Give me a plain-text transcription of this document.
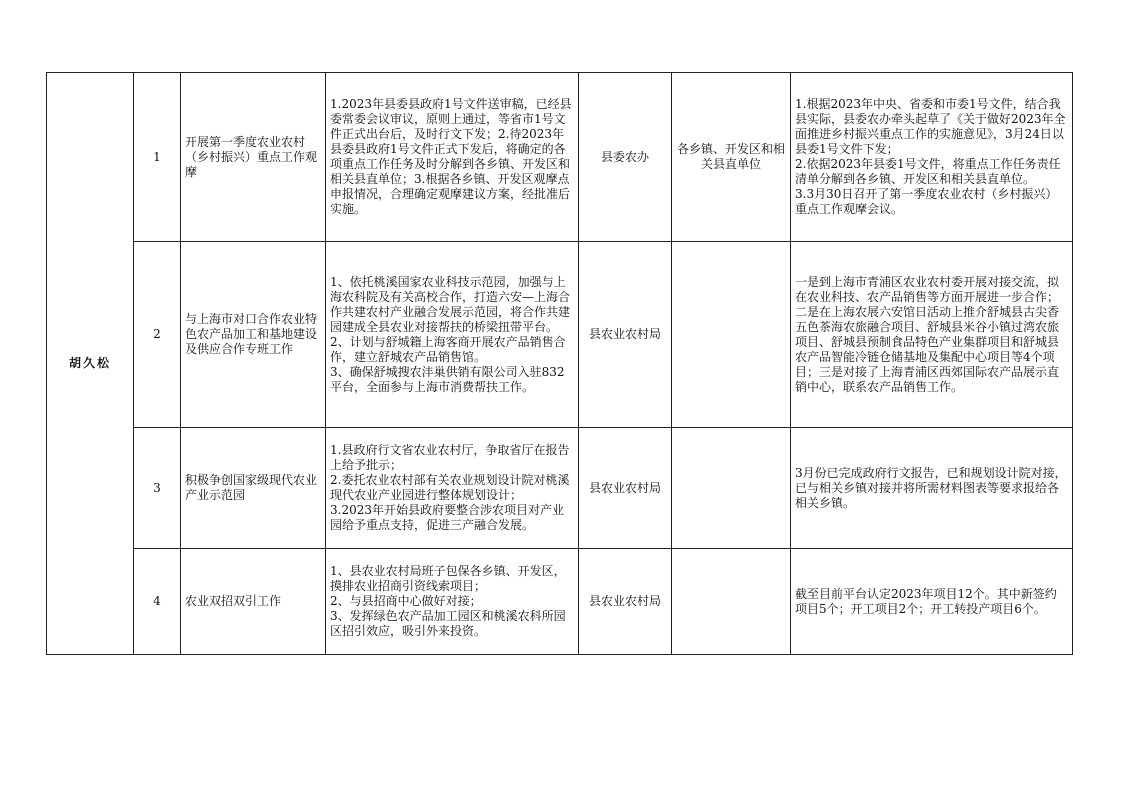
胡久松	1	开展第一季度农业农村（乡村振兴）重点工作观摩	1.2023年县委县政府1号文件送审稿，已经县委常委会议审议，原则上通过，等省市1号文件正式出台后，及时行文下发；2.待2023年县委县政府1号文件正式下发后，将确定的各项重点工作任务及时分解到各乡镇、开发区和相关县直单位；3.根据各乡镇、开发区观摩点申报情况，合理确定观摩建议方案，经批准后实施。	县委农办	各乡镇、开发区和相关县直单位	1.根据2023年中央、省委和市委1号文件，结合我县实际，县委农办牵头起草了《关于做好2023年全面推进乡村振兴重点工作的实施意见》，3月24日以县委1号文件下发；
2.依据2023年县委1号文件，将重点工作任务责任清单分解到各乡镇、开发区和相关县直单位。
3.3月30日召开了第一季度农业农村（乡村振兴）重点工作观摩会议。

	2	与上海市对口合作农业特色农产品加工和基地建设及供应合作专班工作	1、依托桃溪国家农业科技示范园，加强与上海农科院及有关高校合作，打造六安—上海合作共建农村产业融合发展示范园，将合作共建园建成全县农业对接帮扶的桥梁扭带平台。
2、计划与舒城籍上海客商开展农产品销售合作，建立舒城农产品销售馆。
3、确保舒城搜农沣巢供销有限公司入驻832平台，全面参与上海市消费帮扶工作。	县农业农村局		一是到上海市青浦区农业农村委开展对接交流，拟在农业科技、农产品销售等方面开展进一步合作；
二是在上海农展六安馆日活动上推介舒城县古尖香五色茶海农旅融合项目、舒城县米谷小镇过湾农旅项目、舒城县预制食品特色产业集群项目和舒城县农产品智能冷链仓储基地及集配中心项目等4个项目；三是对接了上海青浦区西郊国际农产品展示直销中心，联系农产品销售工作。

	3	积极争创国家级现代农业产业示范园	1.县政府行文省农业农村厅，争取省厅在报告上给予批示；
2.委托农业农村部有关农业规划设计院对桃溪现代农业产业园进行整体规划设计；
3.2023年开始县政府要整合涉农项目对产业园给予重点支持，促进三产融合发展。	县农业农村局		3月份已完成政府行文报告，已和规划设计院对接，已与相关乡镇对接并将所需材料图表等要求报给各相关乡镇。

	4	农业双招双引工作	1、县农业农村局班子包保各乡镇、开发区，摸排农业招商引资线索项目；
2、与县招商中心做好对接；
3、发挥绿色农产品加工园区和桃溪农科所园区招引效应，吸引外来投资。	县农业农村局		截至目前平台认定2023年项目12个。其中新签约项目5个；开工项目2个；开工转投产项目6个。
